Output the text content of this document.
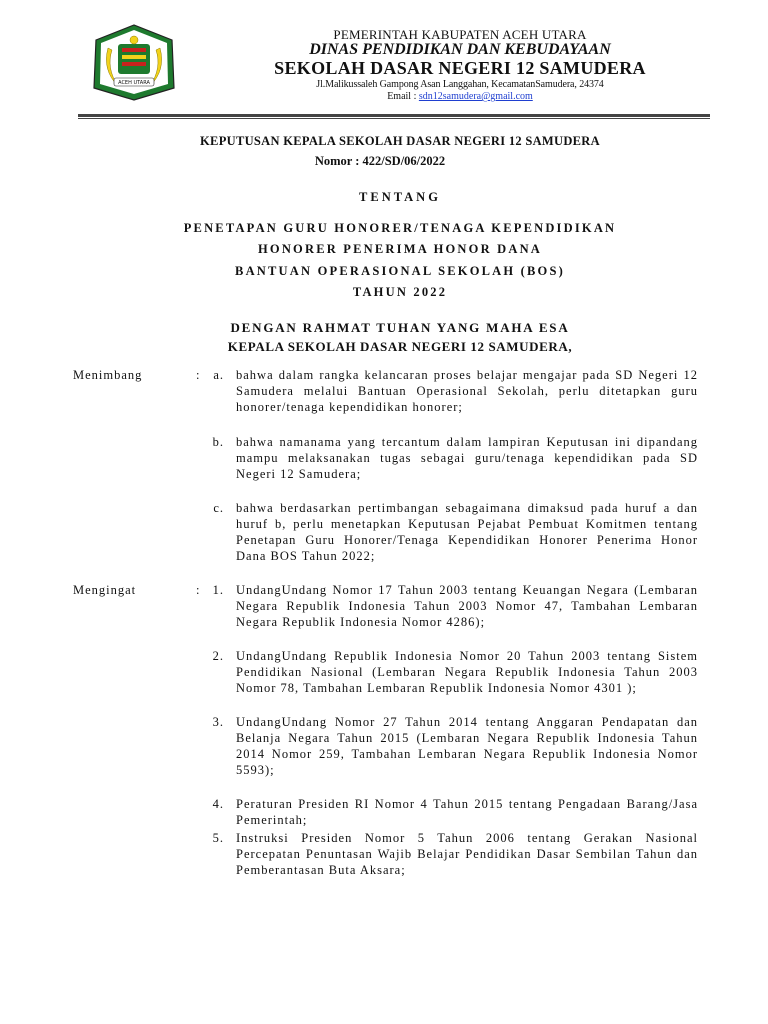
ACEH UTARA
PEMERINTAH KABUPATEN ACEH UTARA
DINAS PENDIDIKAN DAN KEBUDAYAAN
SEKOLAH DASAR NEGERI 12 SAMUDERA
Jl.Malikussaleh Gampong Asan Langgahan, KecamatanSamudera, 24374
Email : sdn12samudera@gmail.com
KEPUTUSAN KEPALA SEKOLAH DASAR NEGERI 12 SAMUDERA
Nomor : 422/SD/06/2022
TENTANG
PENETAPAN GURU HONORER/TENAGA KEPENDIDIKAN
HONORER PENERIMA HONOR DANA
BANTUAN OPERASIONAL SEKOLAH (BOS)
TAHUN 2022
DENGAN RAHMAT TUHAN YANG MAHA ESA
KEPALA SEKOLAH DASAR NEGERI 12 SAMUDERA,
Menimbang	:	a. bahwa dalam rangka kelancaran proses belajar mengajar pada SD Negeri 12 Samudera melalui Bantuan Operasional Sekolah, perlu ditetapkan guru honorer/tenaga kependidikan honorer;
b. bahwa namanama yang tercantum dalam lampiran Keputusan ini dipandang mampu melaksanakan tugas sebagai guru/tenaga kependidikan pada SD Negeri 12 Samudera;
c. bahwa berdasarkan pertimbangan sebagaimana dimaksud pada huruf a dan huruf b, perlu menetapkan Keputusan Pejabat Pembuat Komitmen tentang Penetapan Guru Honorer/Tenaga Kependidikan Honorer Penerima Honor Dana BOS Tahun 2022;
Mengingat	: 1. UndangUndang Nomor 17 Tahun 2003 tentang Keuangan Negara (Lembaran Negara Republik Indonesia Tahun 2003 Nomor 47, Tambahan Lembaran Negara Republik Indonesia Nomor 4286);
2. UndangUndang Republik Indonesia Nomor 20 Tahun 2003 tentang Sistem Pendidikan Nasional (Lembaran Negara Republik Indonesia Tahun 2003 Nomor 78, Tambahan Lembaran Republik Indonesia Nomor 4301 );
3. UndangUndang Nomor 27 Tahun 2014 tentang Anggaran Pendapatan dan Belanja Negara Tahun 2015 (Lembaran Negara Republik Indonesia Tahun 2014 Nomor 259, Tambahan Lembaran Negara Republik Indonesia Nomor 5593);
4. Peraturan Presiden RI Nomor 4 Tahun 2015 tentang Pengadaan Barang/Jasa Pemerintah;
5. Instruksi Presiden Nomor 5 Tahun 2006 tentang Gerakan Nasional Percepatan Penuntasan Wajib Belajar Pendidikan Dasar Sembilan Tahun dan Pemberantasan Buta Aksara;
